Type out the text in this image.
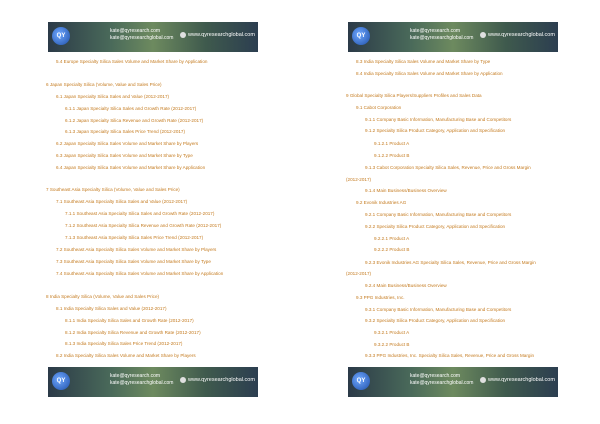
QY
kate@qyresearch.com
kate@qyresearchglobal.com	www.qyresearchglobal.com
5.4 Europe Specialty Silica Sales Volume and Market Share by Application
6 Japan Specialty Silica (Volume, Value and Sales Price)
6.1 Japan Specialty Silica Sales and Value (2012-2017)
6.1.1 Japan Specialty Silica Sales and Growth Rate (2012-2017)
6.1.2 Japan Specialty Silica Revenue and Growth Rate (2012-2017)
6.1.3 Japan Specialty Silica Sales Price Trend (2012-2017)
6.2 Japan Specialty Silica Sales Volume and Market Share by Players
6.3 Japan Specialty Silica Sales Volume and Market Share by Type
6.4 Japan Specialty Silica Sales Volume and Market Share by Application
7 Southeast Asia Specialty Silica (Volume, Value and Sales Price)
7.1 Southeast Asia Specialty Silica Sales and Value (2012-2017)
7.1.1 Southeast Asia Specialty Silica Sales and Growth Rate (2012-2017)
7.1.2 Southeast Asia Specialty Silica Revenue and Growth Rate (2012-2017)
7.1.3 Southeast Asia Specialty Silica Sales Price Trend (2012-2017)
7.2 Southeast Asia Specialty Silica Sales Volume and Market Share by Players
7.3 Southeast Asia Specialty Silica Sales Volume and Market Share by Type
7.4 Southeast Asia Specialty Silica Sales Volume and Market Share by Application
8 India Specialty Silica (Volume, Value and Sales Price)
8.1 India Specialty Silica Sales and Value (2012-2017)
8.1.1 India Specialty Silica Sales and Growth Rate (2012-2017)
8.1.2 India Specialty Silica Revenue and Growth Rate (2012-2017)
8.1.3 India Specialty Silica Sales Price Trend (2012-2017)
8.2 India Specialty Silica Sales Volume and Market Share by Players
QY
kate@qyresearch.com
kate@qyresearchglobal.com	www.qyresearchglobal.com
QY
kate@qyresearch.com
kate@qyresearchglobal.com	www.qyresearchglobal.com
8.3 India Specialty Silica Sales Volume and Market Share by Type
8.4 India Specialty Silica Sales Volume and Market Share by Application
9 Global Specialty Silica Players/Suppliers Profiles and Sales Data
9.1 Cabot Corporation
9.1.1 Company Basic Information, Manufacturing Base and Competitors
9.1.2 Specialty Silica Product Category, Application and Specification
9.1.2.1 Product A
9.1.2.2 Product B
9.1.3 Cabot Corporation Specialty Silica Sales, Revenue, Price and Gross Margin
(2012-2017)
9.1.4 Main Business/Business Overview
9.2 Evonik Industries AG
9.2.1 Company Basic Information, Manufacturing Base and Competitors
9.2.2 Specialty Silica Product Category, Application and Specification
9.2.2.1 Product A
9.2.2.2 Product B
9.2.3 Evonik Industries AG Specialty Silica Sales, Revenue, Price and Gross Margin
(2012-2017)
9.2.4 Main Business/Business Overview
9.3 PPG Industries, Inc.
9.3.1 Company Basic Information, Manufacturing Base and Competitors
9.3.2 Specialty Silica Product Category, Application and Specification
9.3.2.1 Product A
9.3.2.2 Product B
9.3.3 PPG Industries, Inc. Specialty Silica Sales, Revenue, Price and Gross Margin
QY
kate@qyresearch.com
kate@qyresearchglobal.com	www.qyresearchglobal.com
